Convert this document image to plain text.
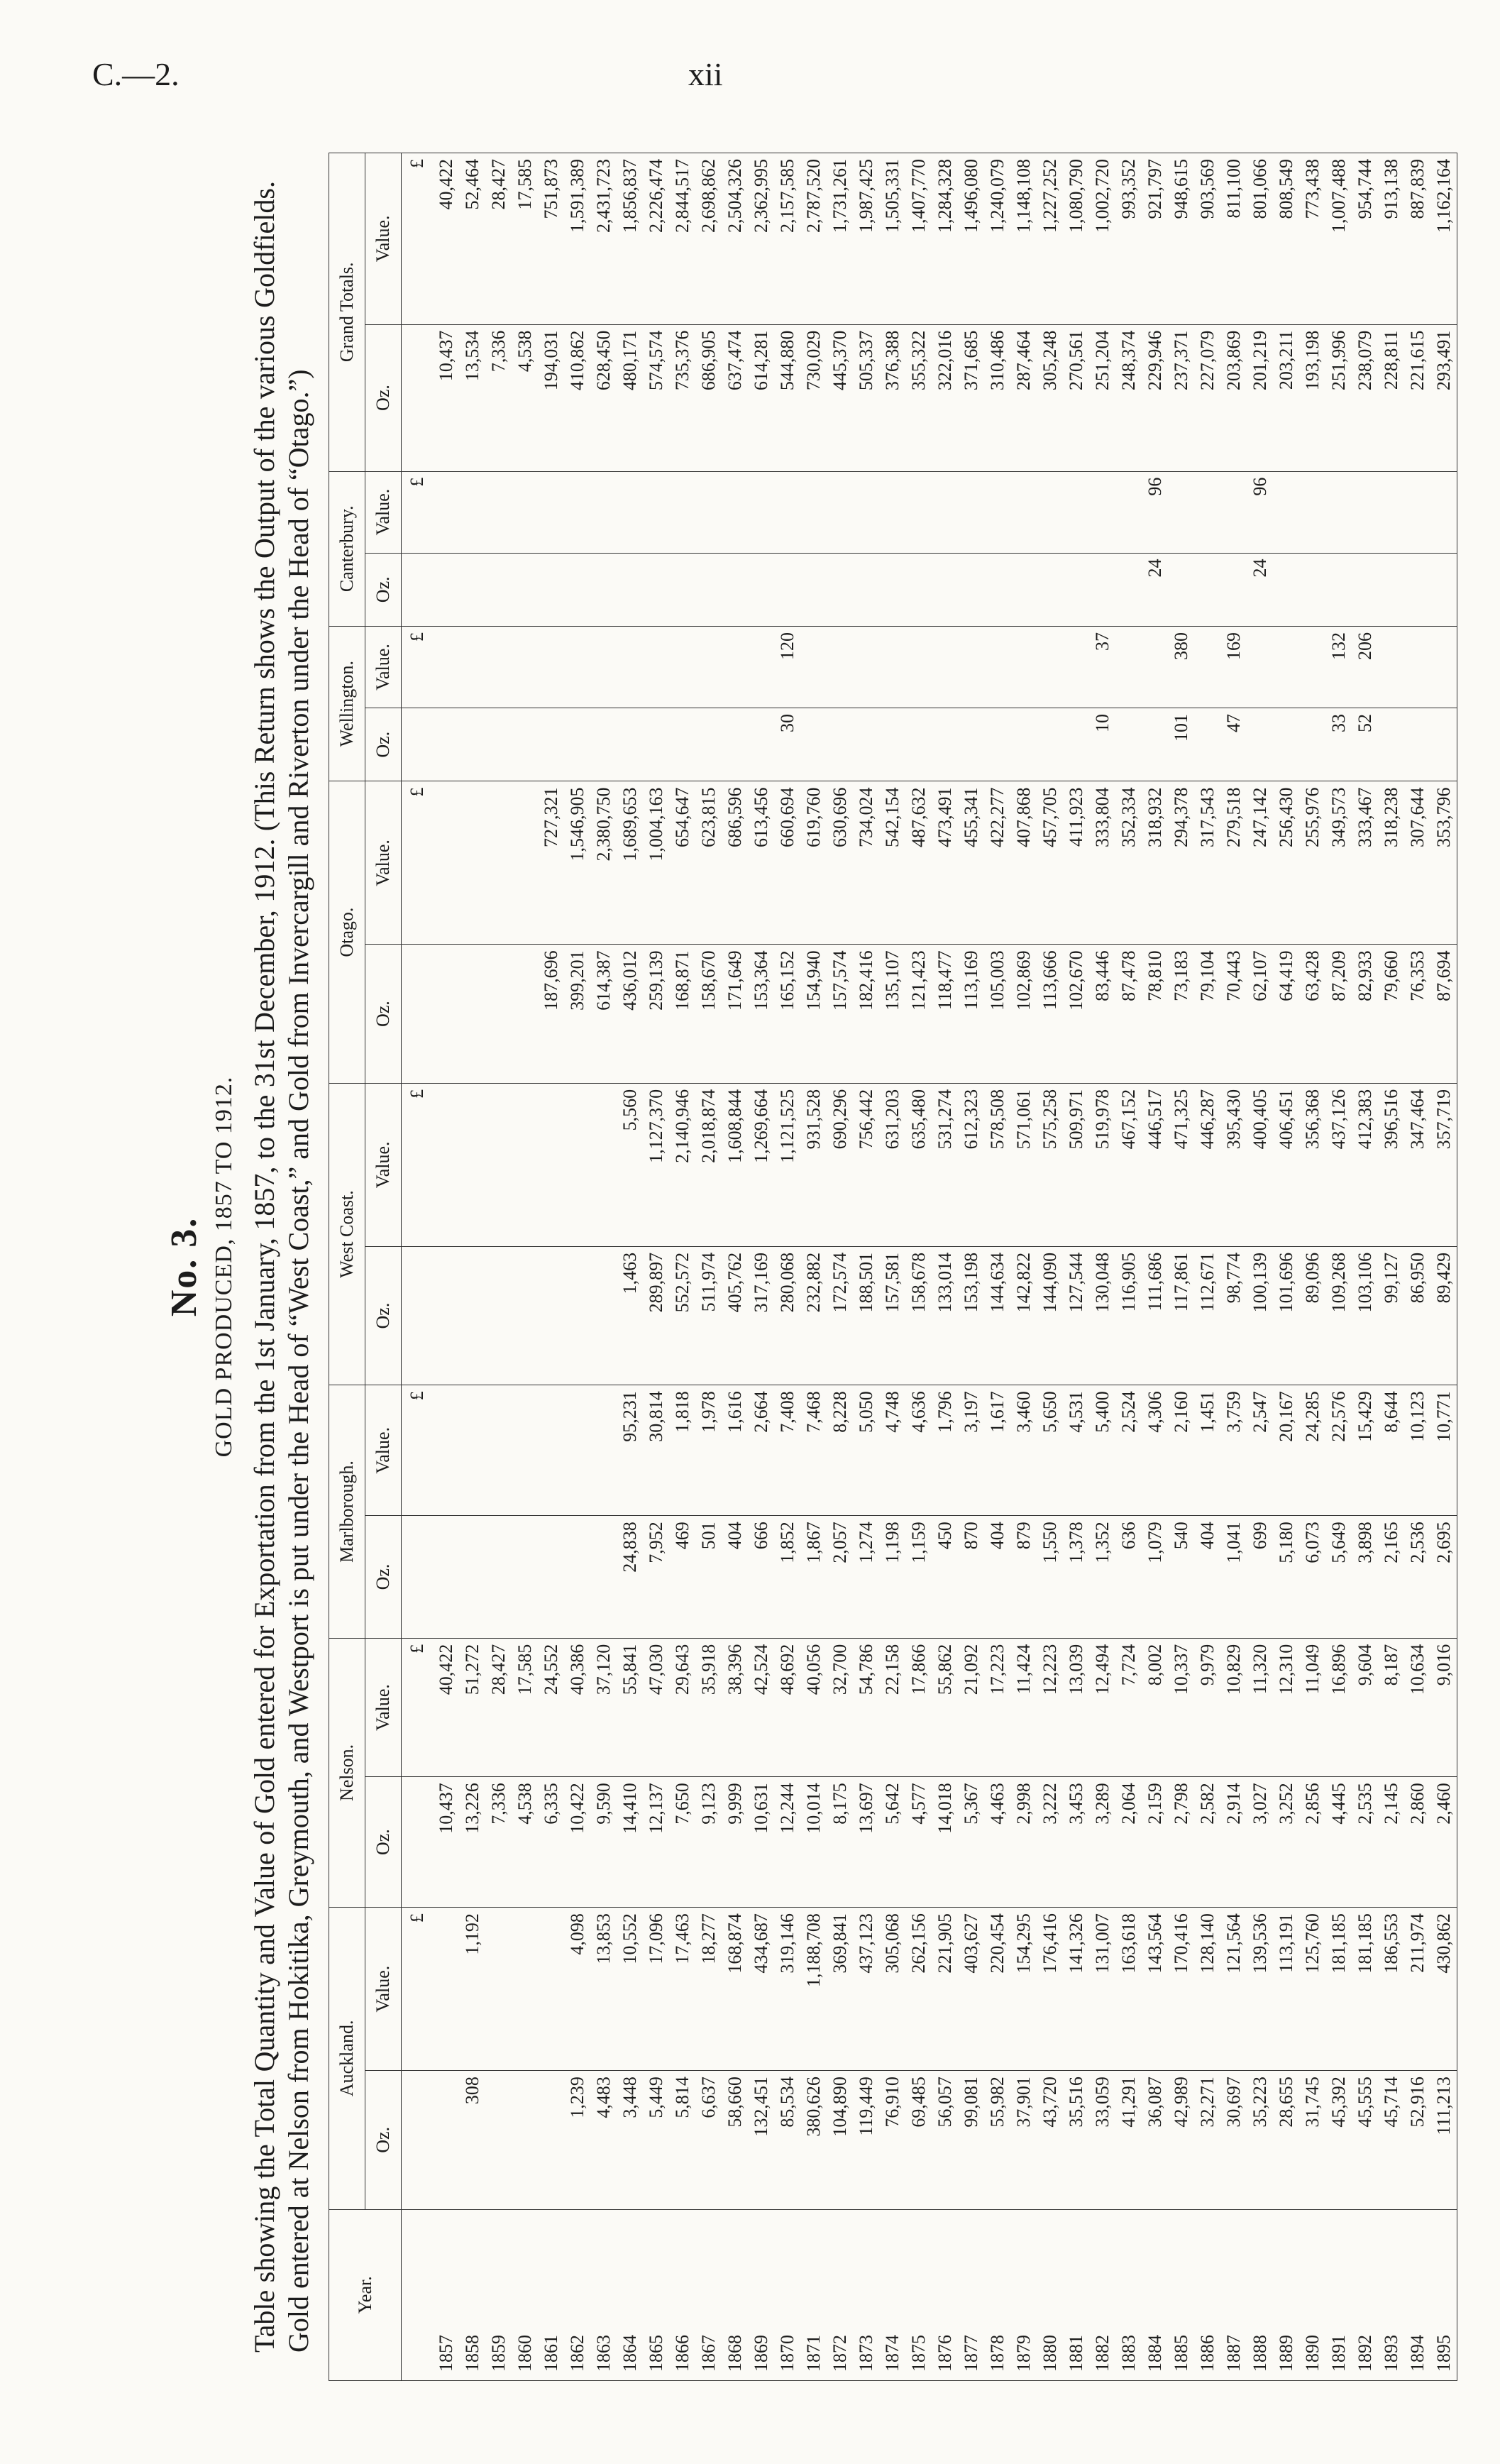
C.—2.	xii
No. 3. GOLD PRODUCED, 1857 TO 1912. Table showing the Total Quantity and Value of Gold entered for Exportation from the 1st January, 1857, to the 31st December, 1912. (This Return shows the Output of the various Goldfields. Gold entered at Nelson from Hokitika, Greymouth, and Westport is put under the Head of “West Coast,” and Gold from Invercargill and Riverton under the Head of “Otago.”) Year.	Auckland.		Nelson.		Marlborough.		West Coast.		Otago.		Wellington.		Canterbury.		Grand Totals.	
	Oz.	Value.	Oz.	Value.	Oz.	Value.	Oz.	Value.	Oz.	Value.	Oz.	Value.	Oz.	Value.	Oz.	Value.
		£		£		£		£		£		£		£		£
1857			10,437	40,422											10,437	40,422
1858	308	1,192	13,226	51,272											13,534	52,464
1859			7,336	28,427											7,336	28,427
1860			4,538	17,585											4,538	17,585
1861			6,335	24,552					187,696	727,321					194,031	751,873
1862	1,239	4,098	10,422	40,386					399,201	1,546,905					410,862	1,591,389
1863	4,483	13,853	9,590	37,120					614,387	2,380,750					628,450	2,431,723
1864	3,448	10,552	14,410	55,841	24,838	95,231	1,463	5,560	436,012	1,689,653					480,171	1,856,837
1865	5,449	17,096	12,137	47,030	7,952	30,814	289,897	1,127,370	259,139	1,004,163					574,574	2,226,474
1866	5,814	17,463	7,650	29,643	469	1,818	552,572	2,140,946	168,871	654,647					735,376	2,844,517
1867	6,637	18,277	9,123	35,918	501	1,978	511,974	2,018,874	158,670	623,815					686,905	2,698,862
1868	58,660	168,874	9,999	38,396	404	1,616	405,762	1,608,844	171,649	686,596					637,474	2,504,326
1869	132,451	434,687	10,631	42,524	666	2,664	317,169	1,269,664	153,364	613,456					614,281	2,362,995
1870	85,534	319,146	12,244	48,692	1,852	7,408	280,068	1,121,525	165,152	660,694	30	120			544,880	2,157,585
1871	380,626	1,188,708	10,014	40,056	1,867	7,468	232,882	931,528	154,940	619,760					730,029	2,787,520
1872	104,890	369,841	8,175	32,700	2,057	8,228	172,574	690,296	157,574	630,696					445,370	1,731,261
1873	119,449	437,123	13,697	54,786	1,274	5,050	188,501	756,442	182,416	734,024					505,337	1,987,425
1874	76,910	305,068	5,642	22,158	1,198	4,748	157,581	631,203	135,107	542,154					376,388	1,505,331
1875	69,485	262,156	4,577	17,866	1,159	4,636	158,678	635,480	121,423	487,632					355,322	1,407,770
1876	56,057	221,905	14,018	55,862	450	1,796	133,014	531,274	118,477	473,491					322,016	1,284,328
1877	99,081	403,627	5,367	21,092	870	3,197	153,198	612,323	113,169	455,341					371,685	1,496,080
1878	55,982	220,454	4,463	17,223	404	1,617	144,634	578,508	105,003	422,277					310,486	1,240,079
1879	37,901	154,295	2,998	11,424	879	3,460	142,822	571,061	102,869	407,868					287,464	1,148,108
1880	43,720	176,416	3,222	12,223	1,550	5,650	144,090	575,258	113,666	457,705					305,248	1,227,252
1881	35,516	141,326	3,453	13,039	1,378	4,531	127,544	509,971	102,670	411,923					270,561	1,080,790
1882	33,059	131,007	3,289	12,494	1,352	5,400	130,048	519,978	83,446	333,804	10	37			251,204	1,002,720
1883	41,291	163,618	2,064	7,724	636	2,524	116,905	467,152	87,478	352,334					248,374	993,352
1884	36,087	143,564	2,159	8,002	1,079	4,306	111,686	446,517	78,810	318,932			24	96	229,946	921,797
1885	42,989	170,416	2,798	10,337	540	2,160	117,861	471,325	73,183	294,378	101	380			237,371	948,615
1886	32,271	128,140	2,582	9,979	404	1,451	112,671	446,287	79,104	317,543					227,079	903,569
1887	30,697	121,564	2,914	10,829	1,041	3,759	98,774	395,430	70,443	279,518	47	169			203,869	811,100
1888	35,223	139,536	3,027	11,320	699	2,547	100,139	400,405	62,107	247,142			24	96	201,219	801,066
1889	28,655	113,191	3,252	12,310	5,180	20,167	101,696	406,451	64,419	256,430					203,211	808,549
1890	31,745	125,760	2,856	11,049	6,073	24,285	89,096	356,368	63,428	255,976					193,198	773,438
1891	45,392	181,185	4,445	16,896	5,649	22,576	109,268	437,126	87,209	349,573	33	132			251,996	1,007,488
1892	45,555	181,185	2,535	9,604	3,898	15,429	103,106	412,383	82,933	333,467	52	206			238,079	954,744
1893	45,714	186,553	2,145	8,187	2,165	8,644	99,127	396,516	79,660	318,238					228,811	913,138
1894	52,916	211,974	2,860	10,634	2,536	10,123	86,950	347,464	76,353	307,644					221,615	887,839
1895	111,213	430,862	2,460	9,016	2,695	10,771	89,429	357,719	87,694	353,796					293,491	1,162,164
